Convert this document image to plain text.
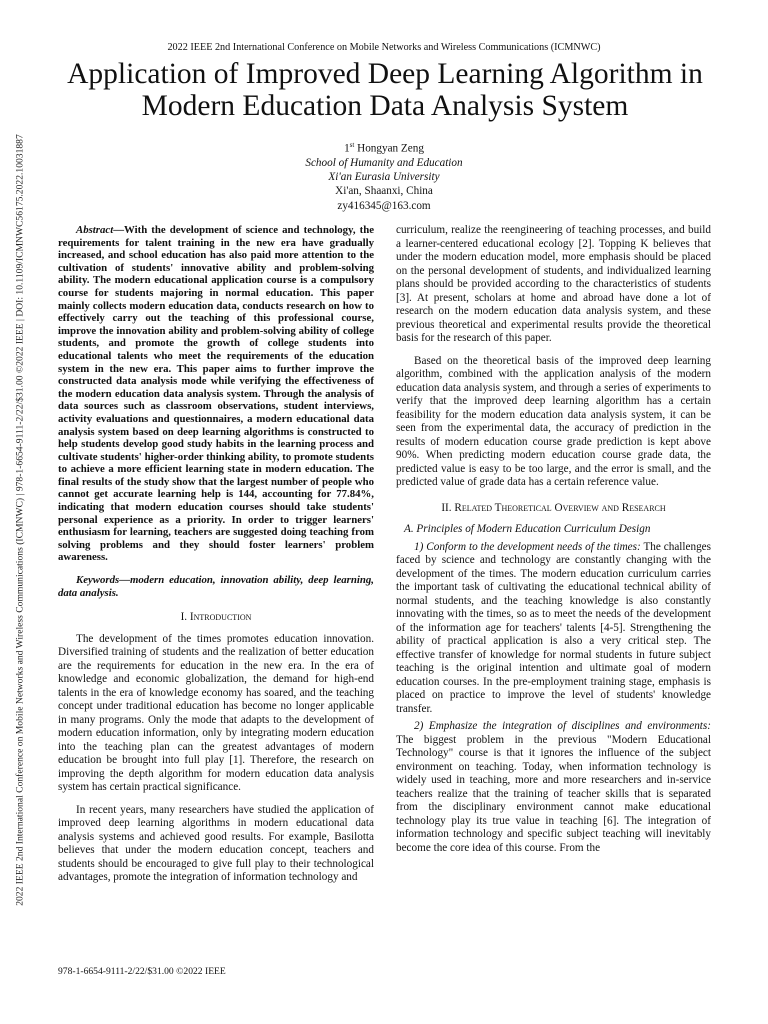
2022 IEEE 2nd International Conference on Mobile Networks and Wireless Communications (ICMNWC) | 978-1-6654-9111-2/22/$31.00 ©2022 IEEE | DOI: 10.1109/ICMNWC56175.2022.10031887
2022 IEEE 2nd International Conference on Mobile Networks and Wireless Communications (ICMNWC)
Application of Improved Deep Learning Algorithm in Modern Education Data Analysis System
1st Hongyan Zeng
School of Humanity and Education
Xi'an Eurasia University
Xi'an, Shaanxi, China
zy416345@163.com

Abstract—With the development of science and technology, the requirements for talent training in the new era have gradually increased, and school education has also paid more attention to the cultivation of students' innovative ability and problem-solving ability. The modern educational application course is a compulsory course for students majoring in normal education. This paper mainly collects modern education data, conducts research on how to effectively carry out the teaching of this professional course, improve the innovation ability and problem-solving ability of college students, and promote the growth of college students into educational talents who meet the requirements of the education system in the new era. This paper aims to further improve the constructed data analysis mode while verifying the effectiveness of the modern education data analysis system. Through the analysis of data sources such as classroom observations, student interviews, activity evaluations and questionnaires, a modern educational data analysis system based on deep learning algorithms is constructed to help students develop good study habits in the learning process and cultivate students' higher-order thinking ability, to promote students to achieve a more efficient learning state in modern education. The final results of the study show that the largest number of people who cannot get accurate learning help is 144, accounting for 77.84%, indicating that modern education courses should take students' personal experience as a priority. In order to trigger learners' enthusiasm for learning, teachers are suggested doing teaching from solving problems and they should foster learners' problem awareness.

Keywords—modern education, innovation ability, deep learning, data analysis.

I. Introduction

The development of the times promotes education innovation. Diversified training of students and the realization of better education are the requirements for education in the new era. In the era of knowledge and economic globalization, the demand for high-end talents in the era of knowledge economy has soared, and the teaching concept under traditional education has become no longer applicable in many programs. Only the mode that adapts to the development of modern education information, only by integrating modern education into the teaching plan can the greatest advantages of modern education be brought into full play [1]. Therefore, the research on improving the depth algorithm for modern education data analysis system has certain practical significance.

In recent years, many researchers have studied the application of improved deep learning algorithms in modern educational data analysis systems and achieved good results. For example, Basilotta believes that under the modern education concept, teachers and students should be encouraged to give full play to their technological advantages, promote the integration of information technology and

curriculum, realize the reengineering of teaching processes, and build a learner-centered educational ecology [2]. Topping K believes that under the modern education model, more emphasis should be placed on the personal development of students, and individualized learning plans should be provided according to the characteristics of students [3]. At present, scholars at home and abroad have done a lot of research on the modern education data analysis system, and these previous theoretical and experimental results provide the theoretical basis for the research of this paper.

Based on the theoretical basis of the improved deep learning algorithm, combined with the application analysis of the modern education data analysis system, and through a series of experiments to verify that the improved deep learning algorithm has a certain feasibility for the modern education data analysis system, it can be seen from the experimental data, the accuracy of prediction in the results of modern education course grade prediction is kept above 90%. When predicting modern education course grade data, the predicted value is easy to be too large, and the error is small, and the predicted value of grade data has a certain reference value.

II. Related Theoretical Overview and Research
A. Principles of Modern Education Curriculum Design

1) Conform to the development needs of the times: The challenges faced by science and technology are constantly changing with the development of the times. The modern education curriculum carries the important task of cultivating the educational technical ability of normal students, and the teaching knowledge is also constantly innovating with the times, so as to meet the needs of the development of the information age for teachers' talents [4-5]. Strengthening the ability of practical application is also a very critical step. The effective transfer of knowledge for normal students in future subject teaching is the original intention and ultimate goal of modern education courses. In the pre-employment training stage, emphasis is placed on practice to improve the level of students' knowledge transfer.

2) Emphasize the integration of disciplines and environments: The biggest problem in the previous "Modern Educational Technology" course is that it ignores the influence of the subject environment on teaching. Today, when information technology is widely used in teaching, more and more researchers and in-service teachers realize that the training of teacher skills that is separated from the disciplinary environment cannot make educational technology play its true value in teaching [6]. The integration of information technology and specific subject teaching will inevitably become the core idea of this course. From the

978-1-6654-9111-2/22/$31.00 ©2022 IEEE
